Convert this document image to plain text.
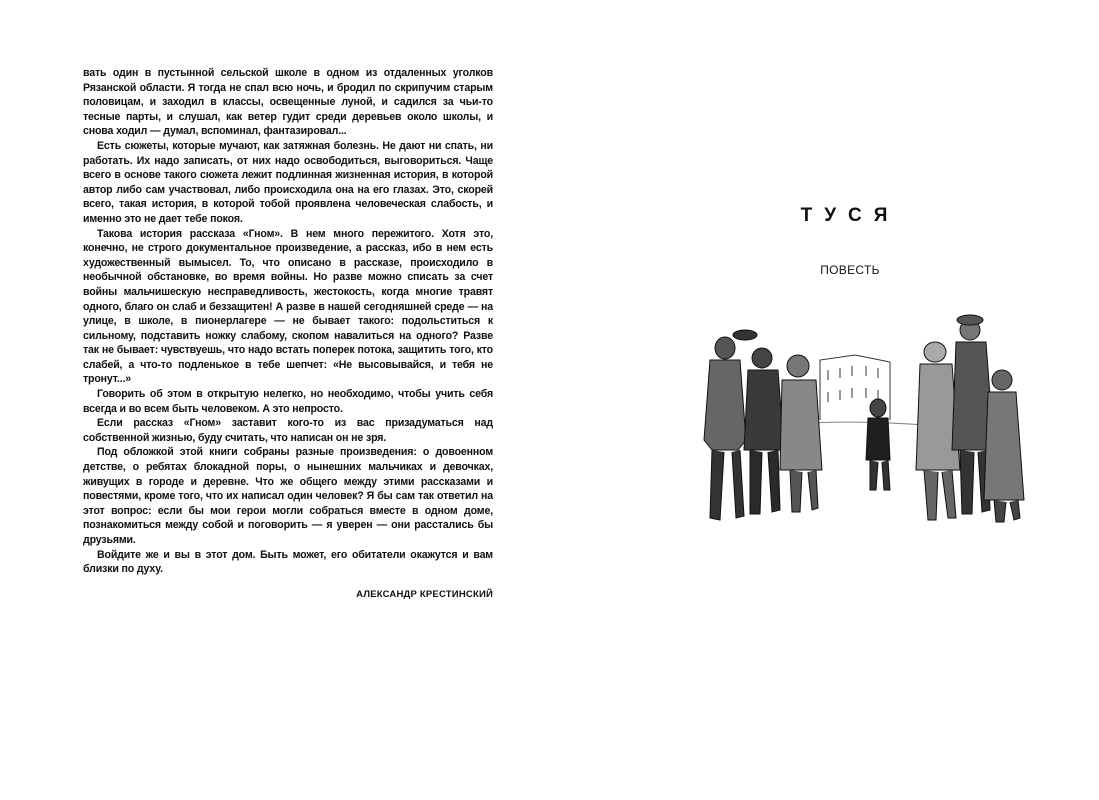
вать один в пустынной сельской школе в одном из отдаленных уголков Рязанской области. Я тогда не спал всю ночь, и бродил по скрипучим старым половицам, и заходил в классы, освещенные луной, и садился за чьи-то тесные парты, и слушал, как ветер гудит среди деревьев около школы, и снова ходил — думал, вспоминал, фантазировал...

Есть сюжеты, которые мучают, как затяжная болезнь. Не дают ни спать, ни работать. Их надо записать, от них надо освободиться, выговориться. Чаще всего в основе такого сюжета лежит подлинная жизненная история, в которой автор либо сам участвовал, либо происходила она на его глазах. Это, скорей всего, такая история, в которой тобой проявлена человеческая слабость, и именно это не дает тебе покоя.

Такова история рассказа «Гном». В нем много пережитого. Хотя это, конечно, не строго документальное произведение, а рассказ, ибо в нем есть художественный вымысел. То, что описано в рассказе, происходило в необычной обстановке, во время войны. Но разве можно списать за счет войны мальчишескую несправедливость, жестокость, когда многие травят одного, благо он слаб и беззащитен! А разве в нашей сегодняшней среде — на улице, в школе, в пионерлагере — не бывает такого: подольститься к сильному, подставить ножку слабому, скопом навалиться на одного? Разве так не бывает: чувствуешь, что надо встать поперек потока, защитить того, кто слабей, а что-то подленькое в тебе шепчет: «Не высовывайся, и тебя не тронут...»

Говорить об этом в открытую нелегко, но необходимо, чтобы учить себя всегда и во всем быть человеком. А это непросто.

Если рассказ «Гном» заставит кого-то из вас призадуматься над собственной жизнью, буду считать, что написан он не зря.

Под обложкой этой книги собраны разные произведения: о довоенном детстве, о ребятах блокадной поры, о нынешних мальчиках и девочках, живущих в городе и деревне. Что же общего между этими рассказами и повестями, кроме того, что их написал один человек? Я бы сам так ответил на этот вопрос: если бы мои герои могли собраться вместе в одном доме, познакомиться между собой и поговорить — я уверен — они расстались бы друзьями.

Войдите же и вы в этот дом. Быть может, его обитатели окажутся и вам близки по духу.

АЛЕКСАНДР КРЕСТИНСКИЙ
ТУСЯ
ПОВЕСТЬ
